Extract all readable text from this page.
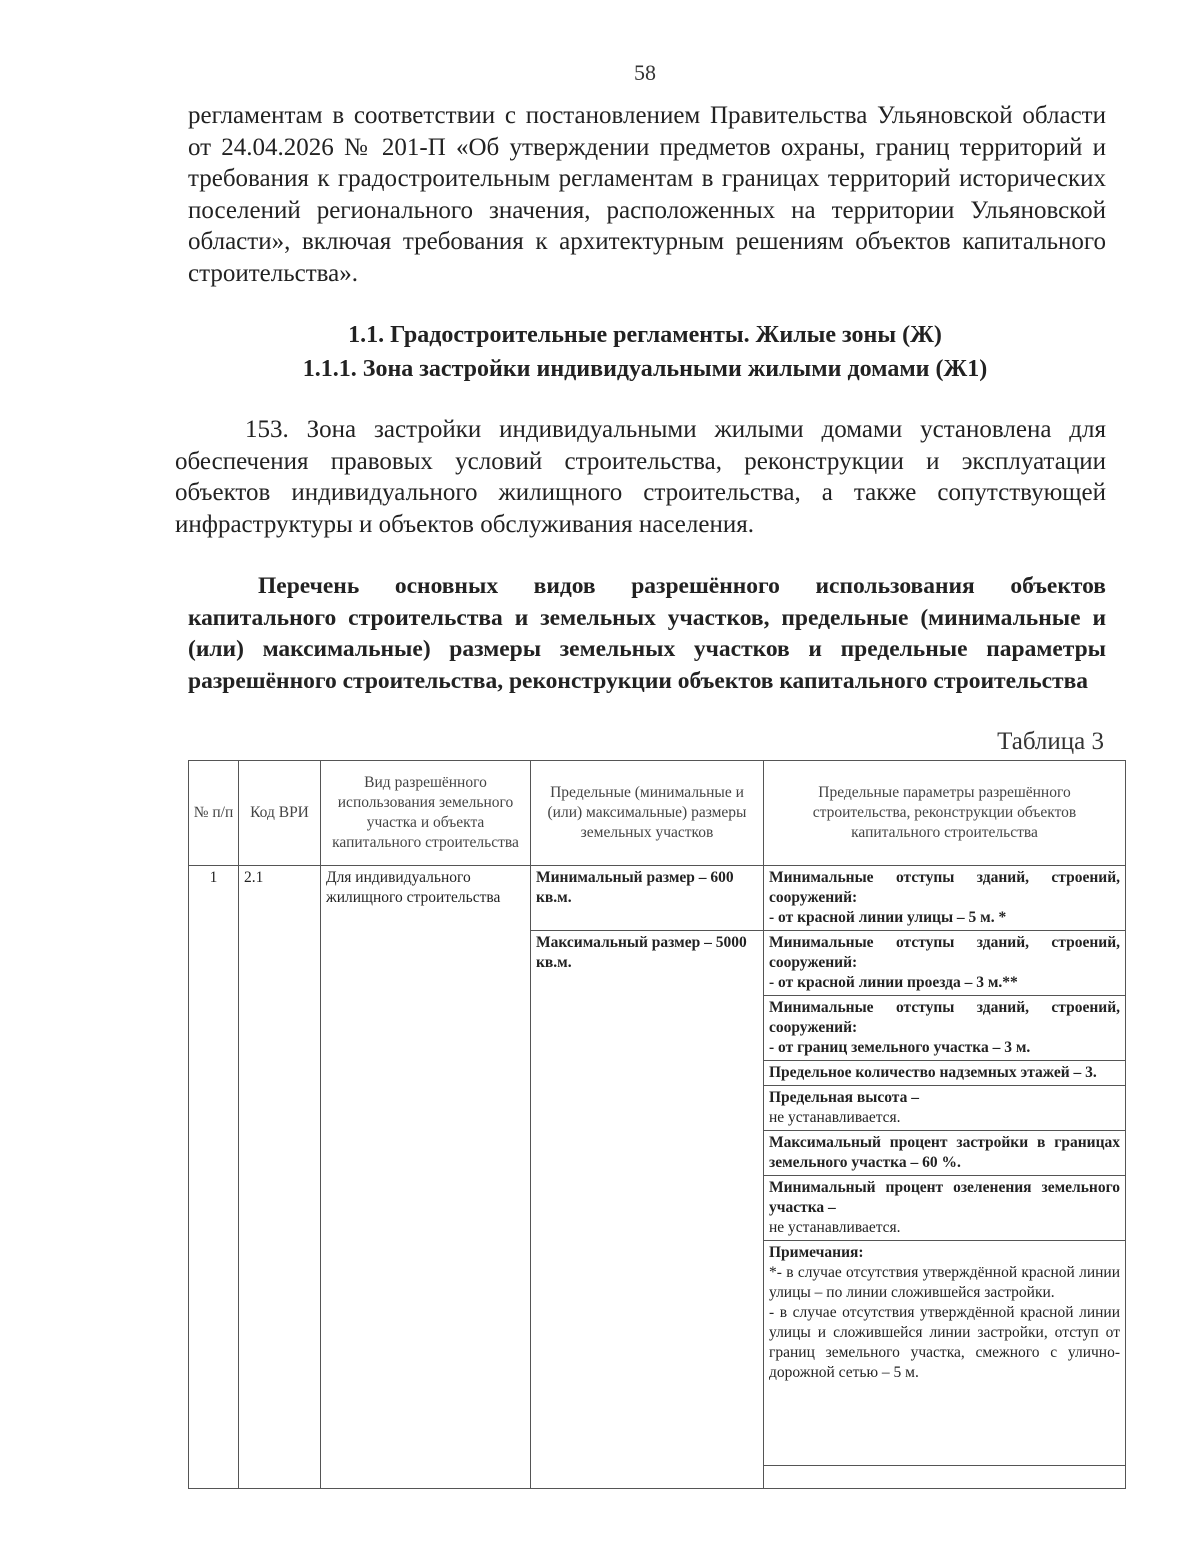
58

регламентам в соответствии с постановлением Правительства Ульяновской области от 24.04.2026 № 201-П «Об утверждении предметов охраны, границ территорий и требования к градостроительным регламентам в границах территорий исторических поселений регионального значения, расположенных на территории Ульяновской области», включая требования к архитектурным решениям объектов капитального строительства».

1.1. Градостроительные регламенты. Жилые зоны (Ж)

1.1.1. Зона застройки индивидуальными жилыми домами (Ж1)

153. Зона застройки индивидуальными жилыми домами установлена для обеспечения правовых условий строительства, реконструкции и эксплуатации объектов индивидуального жилищного строительства, а также сопутствующей инфраструктуры и объектов обслуживания населения.

Перечень основных видов разрешённого использования объектов капитального строительства и земельных участков, предельные (минимальные и (или) максимальные) размеры земельных участков и предельные параметры разрешённого строительства, реконструкции объектов капитального строительства

Таблица 3
№ п/п	Код ВРИ	Вид разрешённого использования земельного участка и объекта капитального строительства	Предельные (минимальные и (или) максимальные) размеры земельных участков	Предельные параметры разрешённого строительства, реконструкции объектов капитального строительства
1	2.1	Для индивидуального жилищного строительства	Минимальный размер – 600 кв.м.	Минимальные отступы зданий, строений, сооружений:
- от красной линии улицы – 5 м. *
			Максимальный размер – 5000 кв.м.	Минимальные отступы зданий, строений, сооружений:
- от красной линии проезда – 3 м.**
				Минимальные отступы зданий, строений, сооружений:
- от границ земельного участка – 3 м.
				Предельное количество надземных этажей – 3.
				Предельная высота –
не устанавливается.
				Максимальный процент застройки в границах земельного участка – 60 %.
				Минимальный процент озеленения земельного участка –
не устанавливается.
				Примечания:
*- в случае отсутствия утверждённой красной линии улицы – по линии сложившейся застройки.
- в случае отсутствия утверждённой красной линии улицы и сложившейся линии застройки, отступ от границ земельного участка, смежного с улично-дорожной сетью – 5 м.
